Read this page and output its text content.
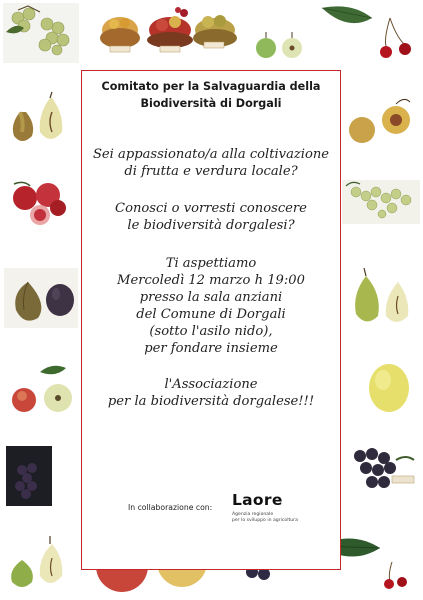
Comitato per la Salvaguardia della
Biodiversità di Dorgali
Sei appassionato/a alla coltivazione
di frutta e verdura locale?
Conosci o vorresti conoscere
le biodiversità dorgalesi?
Ti aspettiamo
Mercoledì 12 marzo h 19:00
presso la sala anziani
del Comune di Dorgali
(sotto l'asilo nido),
per fondare insieme
l'Associazione
per la biodiversità dorgalese!!!
In collaborazione con: Laore
Agenzia regionale
per lo sviluppo in agricoltura
